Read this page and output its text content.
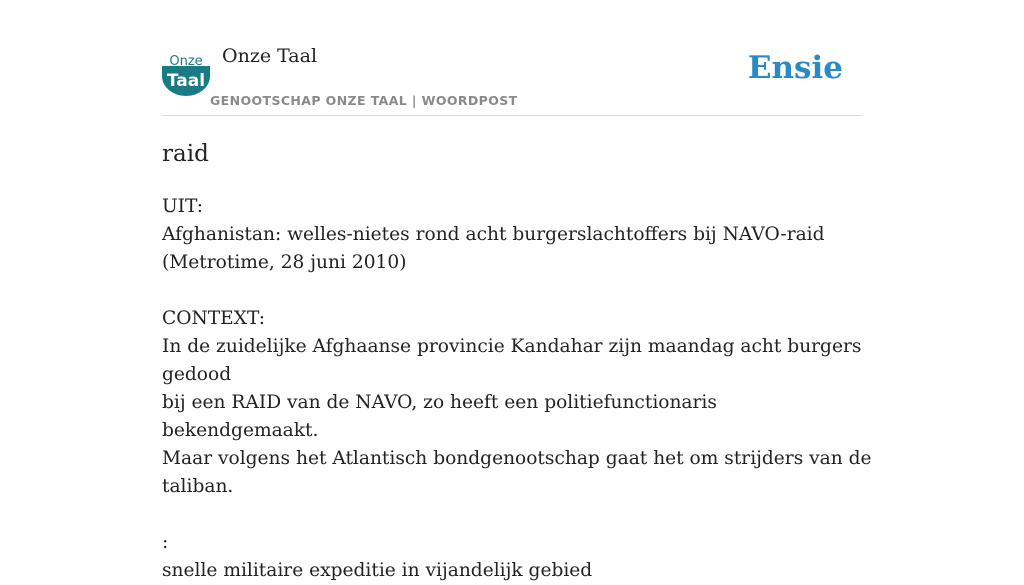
Onze
Taal
Onze Taal
GENOOTSCHAP ONZE TAAL | WOORDPOST
Ensie
raid

UIT:
Afghanistan: welles-nietes rond acht burgerslachtoffers bij NAVO-raid
(Metrotime, 28 juni 2010)

CONTEXT:
In de zuidelijke Afghaanse provincie Kandahar zijn maandag acht burgers gedood
bij een RAID van de NAVO, zo heeft een politiefunctionaris bekendgemaakt.
Maar volgens het Atlantisch bondgenootschap gaat het om strijders van de
taliban.

:
snelle militaire expeditie in vijandelijk gebied
